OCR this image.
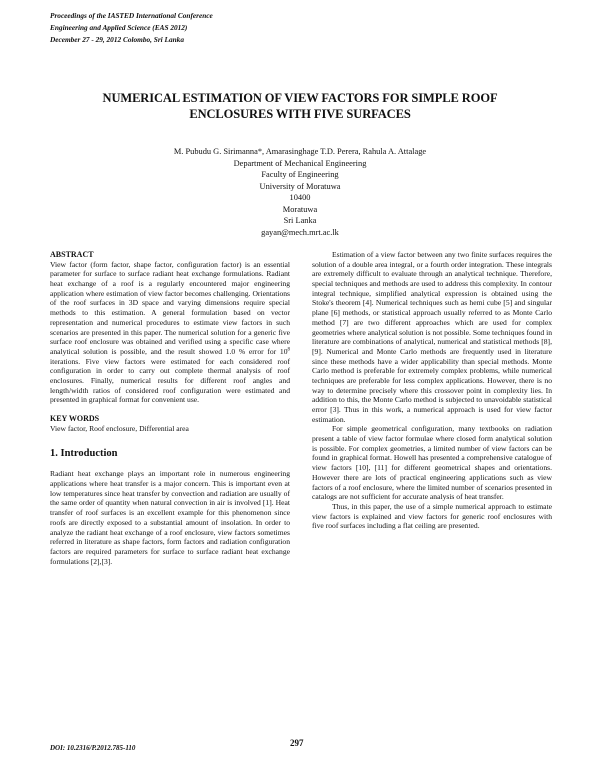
Proceedings of the IASTED International Conference
Engineering and Applied Science (EAS 2012)
December 27 - 29, 2012 Colombo, Sri Lanka
NUMERICAL ESTIMATION OF VIEW FACTORS FOR SIMPLE ROOF
ENCLOSURES WITH FIVE SURFACES
M. Pubudu G. Sirimanna*, Amarasinghage T.D. Perera, Rahula A. Attalage
Department of Mechanical Engineering
Faculty of Engineering
University of Moratuwa
10400
Moratuwa
Sri Lanka
gayan@mech.mrt.ac.lk

ABSTRACT

View factor (form factor, shape factor, configuration factor) is an essential parameter for surface to surface radiant heat exchange formulations. Radiant heat exchange of a roof is a regularly encountered major engineering application where estimation of view factor becomes challenging. Orientations of the roof surfaces in 3D space and varying dimensions require special methods to this estimation. A general formulation based on vector representation and numerical procedures to estimate view factors in such scenarios are presented in this paper. The numerical solution for a generic five surface roof enclosure was obtained and verified using a specific case where analytical solution is possible, and the result showed 1.0 % error for $10^8$ iterations. Five view factors were estimated for each considered roof configuration in order to carry out complete thermal analysis of roof enclosures. Finally, numerical results for different roof angles and length/width ratios of considered roof configuration were estimated and presented in graphical format for convenient use.

KEY WORDS

View factor, Roof enclosure, Differential area

1. Introduction

Radiant heat exchange plays an important role in numerous engineering applications where heat transfer is a major concern. This is important even at low temperatures since heat transfer by convection and radiation are usually of the same order of quantity when natural convection in air is involved [1]. Heat transfer of roof surfaces is an excellent example for this phenomenon since roofs are directly exposed to a substantial amount of insolation. In order to analyze the radiant heat exchange of a roof enclosure, view factors sometimes referred in literature as shape factors, form factors and radiation configuration factors are required parameters for surface to surface radiant heat exchange formulations [2],[3].

Estimation of a view factor between any two finite surfaces requires the solution of a double area integral, or a fourth order integration. These integrals are extremely difficult to evaluate through an analytical technique. Therefore, special techniques and methods are used to address this complexity. In contour integral technique, simplified analytical expression is obtained using the Stoke's theorem [4]. Numerical techniques such as hemi cube [5] and singular plane [6] methods, or statistical approach usually referred to as Monte Carlo method [7] are two different approaches which are used for complex geometries where analytical solution is not possible. Some techniques found in literature are combinations of analytical, numerical and statistical methods [8],[9]. Numerical and Monte Carlo methods are frequently used in literature since these methods have a wider applicability than special methods. Monte Carlo method is preferable for extremely complex problems, while numerical techniques are preferable for less complex applications. However, there is no way to determine precisely where this crossover point in complexity lies. In addition to this, the Monte Carlo method is subjected to unavoidable statistical error [3]. Thus in this work, a numerical approach is used for view factor estimation.

For simple geometrical configuration, many textbooks on radiation present a table of view factor formulae where closed form analytical solution is possible. For complex geometries, a limited number of view factors can be found in graphical format. Howell has presented a comprehensive catalogue of view factors [10], [11] for different geometrical shapes and orientations. However there are lots of practical engineering applications such as view factors of a roof enclosure, where the limited number of scenarios presented in catalogs are not sufficient for accurate analysis of heat transfer.

Thus, in this paper, the use of a simple numerical approach to estimate view factors is explained and view factors for generic roof enclosures with five roof surfaces including a flat ceiling are presented.

DOI: 10.2316/P.2012.785-110	297
